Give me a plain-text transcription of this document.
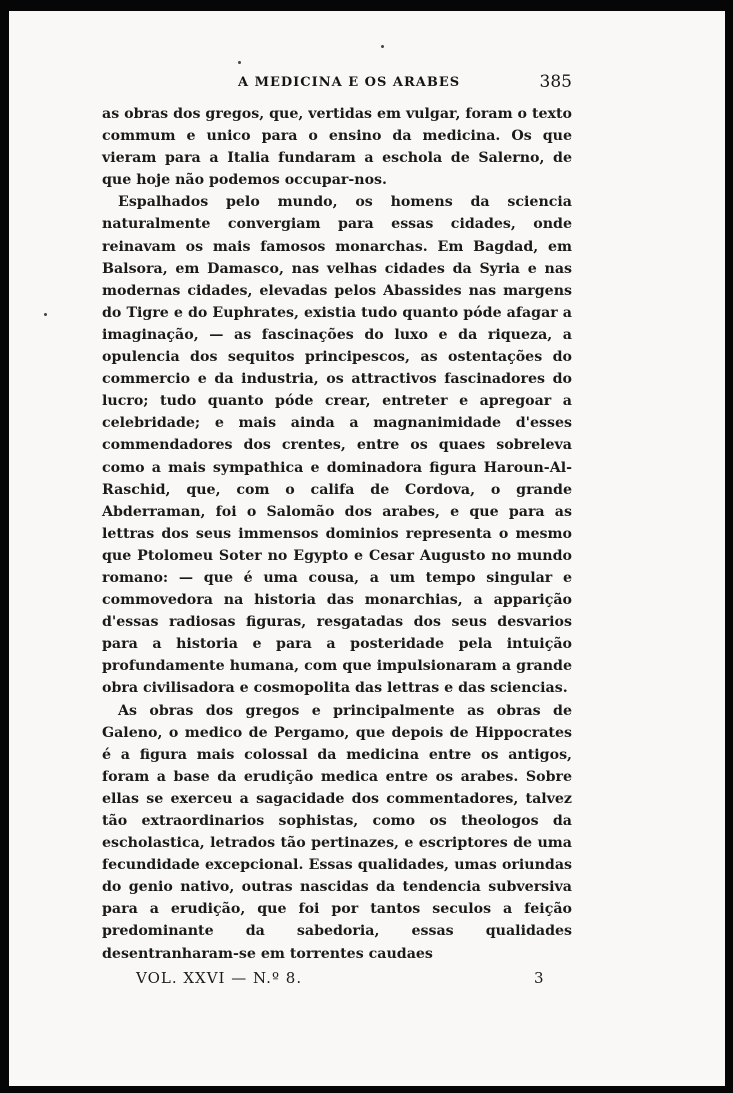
A MEDICINA E OS ARABES	385

as obras dos gregos, que, vertidas em vulgar, foram o texto commum e unico para o ensino da medicina. Os que vieram para a Italia fundaram a eschola de Salerno, de que hoje não podemos occupar-nos.

Espalhados pelo mundo, os homens da sciencia naturalmente convergiam para essas cidades, onde reinavam os mais famosos monarchas. Em Bagdad, em Balsora, em Damasco, nas velhas cidades da Syria e nas modernas cidades, elevadas pelos Abassides nas margens do Tigre e do Euphrates, existia tudo quanto póde afagar a imaginação, — as fascinações do luxo e da riqueza, a opulencia dos sequitos principescos, as ostentações do commercio e da industria, os attractivos fascinadores do lucro; tudo quanto póde crear, entreter e apregoar a celebridade; e mais ainda a magnanimidade d'esses commendadores dos crentes, entre os quaes sobreleva como a mais sympathica e dominadora figura Haroun-Al-Raschid, que, com o califa de Cordova, o grande Abderraman, foi o Salomão dos arabes, e que para as lettras dos seus immensos dominios representa o mesmo que Ptolomeu Soter no Egypto e Cesar Augusto no mundo romano: — que é uma cousa, a um tempo singular e commovedora na historia das monarchias, a apparição d'essas radiosas figuras, resgatadas dos seus desvarios para a historia e para a posteridade pela intuição profundamente humana, com que impulsionaram a grande obra civilisadora e cosmopolita das lettras e das sciencias.

As obras dos gregos e principalmente as obras de Galeno, o medico de Pergamo, que depois de Hippocrates é a figura mais colossal da medicina entre os antigos, foram a base da erudição medica entre os arabes. Sobre ellas se exerceu a sagacidade dos commentadores, talvez tão extraordinarios sophistas, como os theologos da escholastica, letrados tão pertinazes, e escriptores de uma fecundidade excepcional. Essas qualidades, umas oriundas do genio nativo, outras nascidas da tendencia subversiva para a erudição, que foi por tantos seculos a feição predominante da sabedoria, essas qualidades desentranharam-se em torrentes caudaes

VOL. XXVI — N.º 8.	3
